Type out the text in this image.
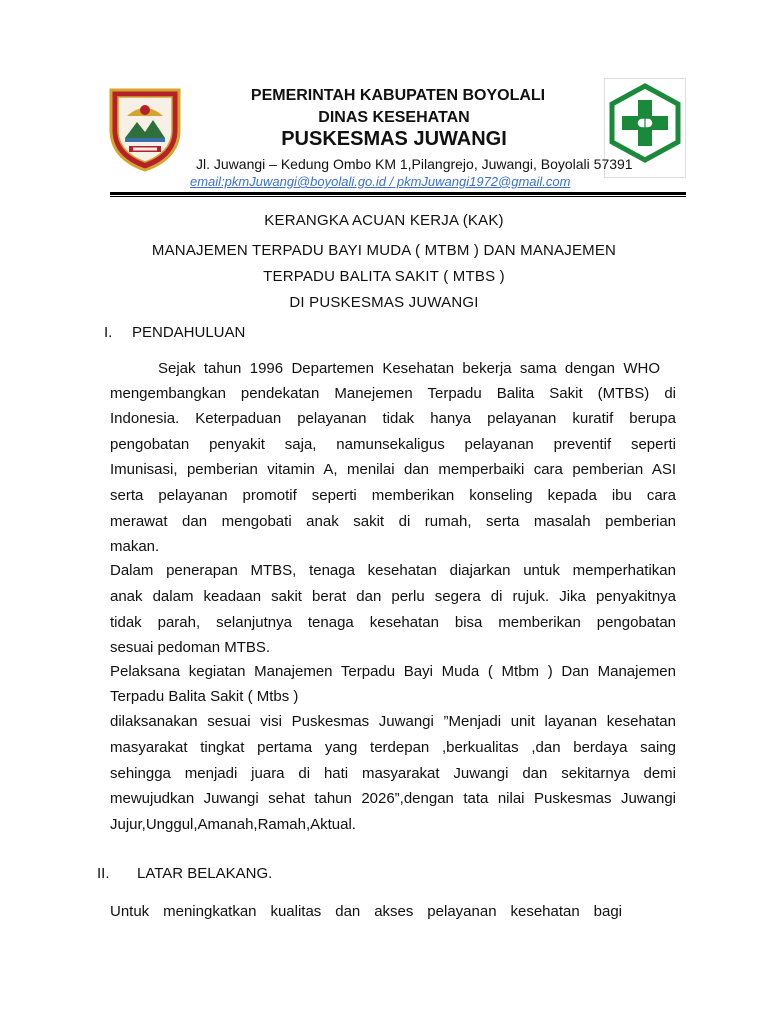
PEMERINTAH KABUPATEN BOYOLALI
DINAS KESEHATAN
PUSKESMAS JUWANGI
Jl. Juwangi – Kedung Ombo KM 1,Pilangrejo, Juwangi, Boyolali 57391
email:pkmJuwangi@boyolali.go.id / pkmJuwangi1972@gmail.com
KERANGKA ACUAN KERJA (KAK)
MANAJEMEN TERPADU BAYI MUDA ( MTBM ) DAN MANAJEMEN
TERPADU BALITA SAKIT ( MTBS )
DI PUSKESMAS JUWANGI
I. PENDAHULUAN
Sejak tahun 1996 Departemen Kesehatan bekerja sama dengan WHO
mengembangkan pendekatan Manejemen Terpadu Balita Sakit (MTBS) di
Indonesia. Keterpaduan pelayanan tidak hanya pelayanan kuratif berupa
pengobatan penyakit saja, namunsekaligus pelayanan preventif seperti
Imunisasi, pemberian vitamin A, menilai dan memperbaiki cara pemberian ASI
serta pelayanan promotif seperti memberikan konseling kepada ibu cara
merawat dan mengobati anak sakit di rumah, serta masalah pemberian
makan.
Dalam penerapan MTBS, tenaga kesehatan diajarkan untuk memperhatikan
anak dalam keadaan sakit berat dan perlu segera di rujuk. Jika penyakitnya
tidak parah, selanjutnya tenaga kesehatan bisa memberikan pengobatan
sesuai pedoman MTBS.
Pelaksana kegiatan Manajemen Terpadu Bayi Muda ( Mtbm ) Dan Manajemen
Terpadu Balita Sakit ( Mtbs )
dilaksanakan sesuai visi Puskesmas Juwangi ”Menjadi unit layanan kesehatan
masyarakat tingkat pertama yang terdepan ,berkualitas ,dan berdaya saing
sehingga menjadi juara di hati masyarakat Juwangi dan sekitarnya demi
mewujudkan Juwangi sehat tahun 2026”,dengan tata nilai Puskesmas Juwangi
Jujur,Unggul,Amanah,Ramah,Aktual.
II. LATAR BELAKANG.
Untuk meningkatkan kualitas dan akses pelayanan kesehatan bagi
